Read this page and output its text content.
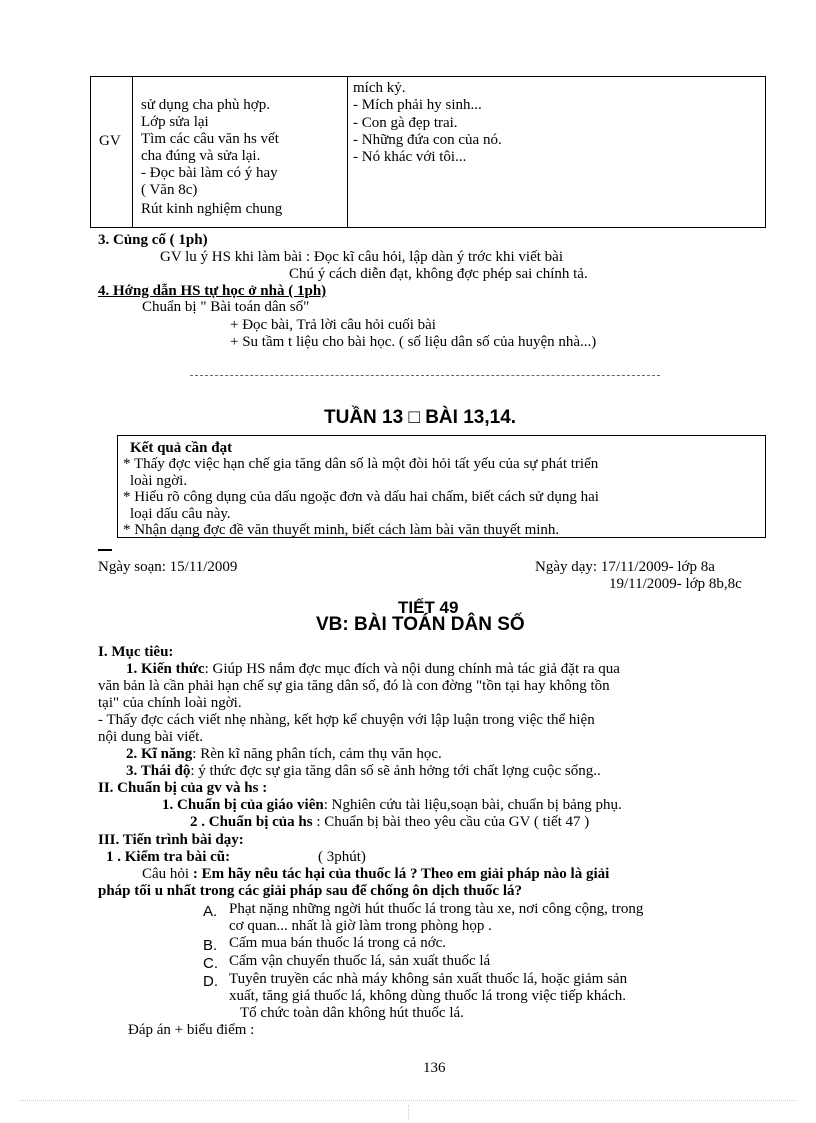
GV
sử dụng cha phù hợp.
Lớp sửa lại
Tìm các câu văn hs vết
cha đúng và sửa lại.
- Đọc bài làm có ý hay
( Văn 8c)
Rút kinh nghiệm chung
mích kỷ.
- Mích phải hy sinh...
- Con gà đẹp trai.
- Những đứa con của nó.
- Nó khác với tôi...
3. Củng cố ( 1ph)
GV lu ý HS khi làm bài : Đọc kĩ câu hỏi, lập dàn ý trớc khi viết bài
Chú ý cách diễn đạt, không đợc phép sai chính tả.
4. Hớng dẫn HS tự học ở nhà ( 1ph)
Chuẩn bị " Bài toán dân số"
+ Đọc bài, Trả lời câu hỏi cuối bài
+ Su tầm t liệu cho bài học. ( số liệu dân số của huyện nhà...)
TUẦN 13 □ BÀI 13,14.
Kết quả cần đạt
* Thấy đợc việc hạn chế gia tăng dân số là một đòi hỏi tất yếu của sự phát triển
loài ngời.
* Hiểu rõ công dụng của dấu ngoặc đơn và dấu hai chấm, biết cách sử dụng hai
loại dấu câu này.
* Nhận dạng đợc đề văn thuyết minh, biết cách làm bài văn thuyết minh.
Ngày soạn: 15/11/2009	Ngày dạy: 17/11/2009- lớp 8a
19/11/2009- lớp 8b,8c
TIẾT 49
VB: BÀI TOÁN DÂN SỐ
I. Mục tiêu:
1. Kiến thức: Giúp HS nắm đợc mục đích và nội dung chính mà tác giả đặt ra qua
văn bản là cần phải hạn chế sự gia tăng dân số, đó là con đờng "tồn tại hay không tồn
tại" của chính loài ngời.
- Thấy đợc cách viết nhẹ nhàng, kết hợp kể chuyện với lập luận trong việc thể hiện
nội dung bài viết.
2. Kĩ năng: Rèn kĩ năng phân tích, cảm thụ văn học.
3. Thái độ: ý thức đợc sự gia tăng dân số sẽ ảnh hởng tới chất lợng cuộc sống..
II. Chuẩn bị của gv và hs :
1. Chuẩn bị của giáo viên: Nghiên cứu tài liệu,soạn bài, chuẩn bị bảng phụ.
2 . Chuẩn bị của hs : Chuẩn bị bài theo yêu cầu của GV ( tiết 47 )
III. Tiến trình bài dạy:
1 . Kiểm tra bài cũ:	( 3phút)
Câu hỏi : Em hãy nêu tác hại của thuốc lá ? Theo em giải pháp nào là giải
pháp tối u nhất trong các giải pháp sau để chống ôn dịch thuốc lá?
A. Phạt nặng những ngời hút thuốc lá trong tàu xe, nơi công cộng, trong
cơ quan... nhất là giờ làm trong phòng họp .
B. Cấm mua bán thuốc lá trong cả nớc.
C. Cấm vận chuyển thuốc lá, sản xuất thuốc lá
D. Tuyên truyền các nhà máy không sản xuất thuốc lá, hoặc giảm sản
xuất, tăng giá thuốc lá, không dùng thuốc lá trong việc tiếp khách.
Tổ chức toàn dân không hút thuốc lá.
Đáp án + biểu điểm :
136
